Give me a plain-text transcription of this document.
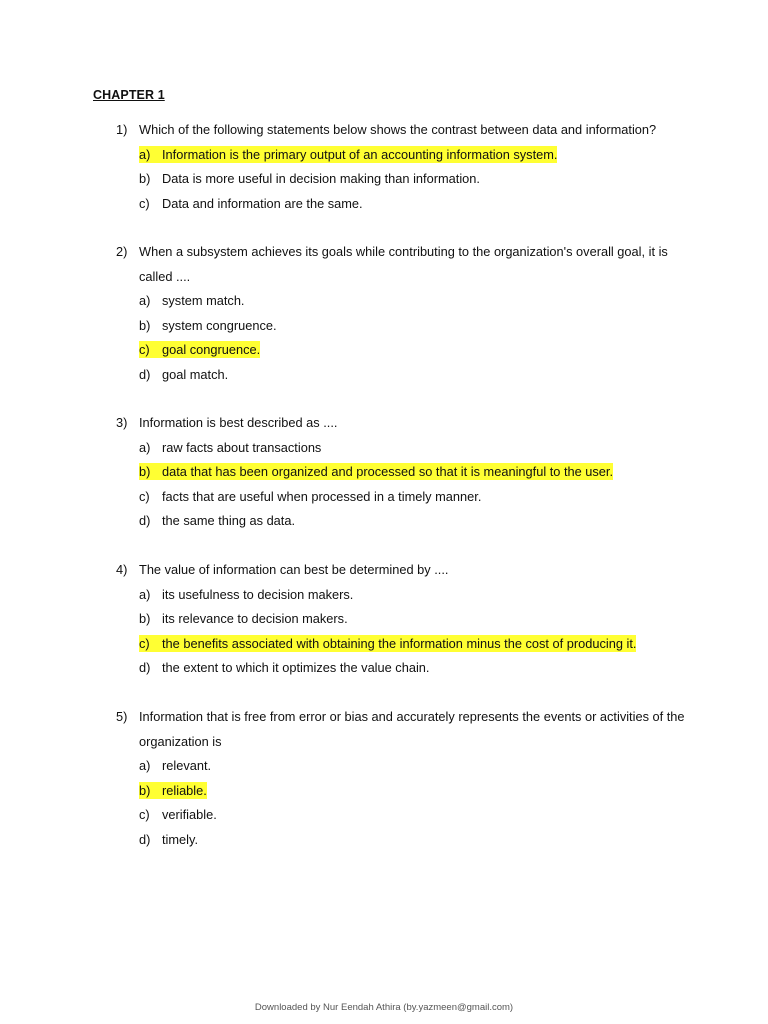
CHAPTER 1
1) Which of the following statements below shows the contrast between data and information?
a) Information is the primary output of an accounting information system.
b) Data is more useful in decision making than information.
c) Data and information are the same.
2) When a subsystem achieves its goals while contributing to the organization's overall goal, it is called ....
a) system match.
b) system congruence.
c) goal congruence.
d) goal match.
3) Information is best described as ....
a) raw facts about transactions
b) data that has been organized and processed so that it is meaningful to the user.
c) facts that are useful when processed in a timely manner.
d) the same thing as data.
4) The value of information can best be determined by ....
a) its usefulness to decision makers.
b) its relevance to decision makers.
c) the benefits associated with obtaining the information minus the cost of producing it.
d) the extent to which it optimizes the value chain.
5) Information that is free from error or bias and accurately represents the events or activities of the organization is
a) relevant.
b) reliable.
c) verifiable.
d) timely.
Downloaded by Nur Eendah Athira (by.yazmeen@gmail.com)
